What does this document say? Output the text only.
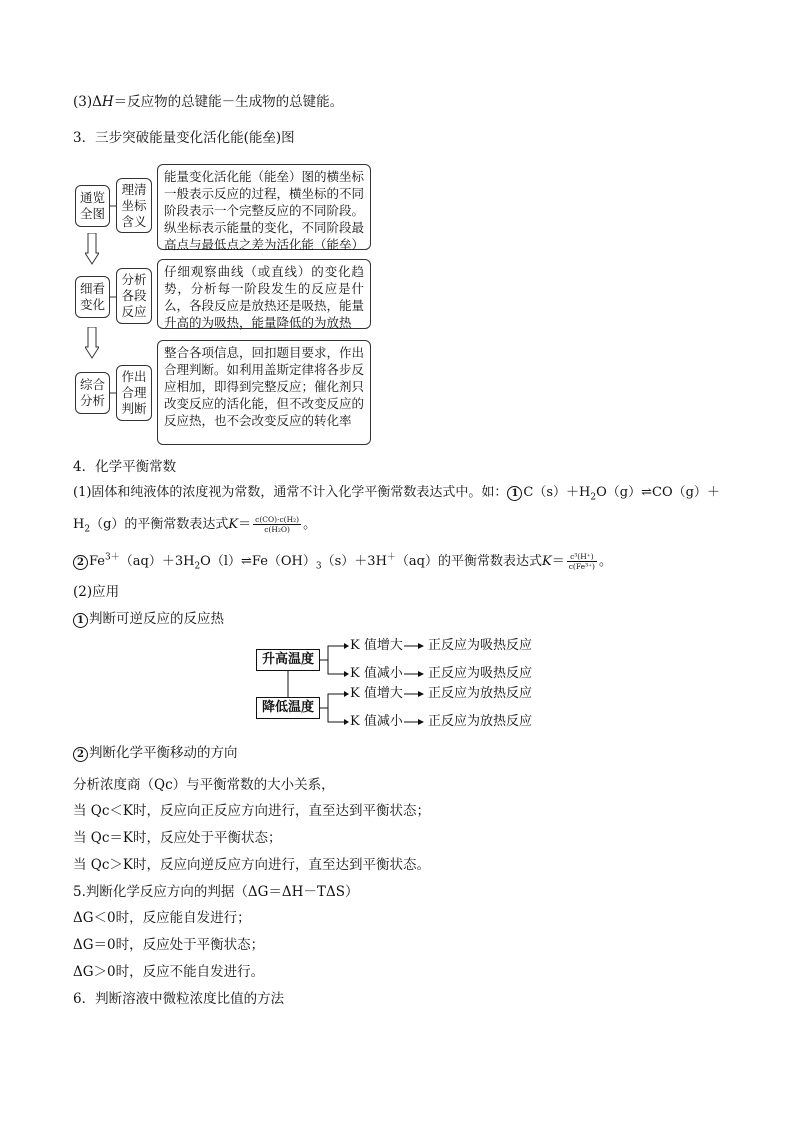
(3)ΔH＝反应物的总键能－生成物的总键能。
3．三步突破能量变化活化能(能垒)图
通览全图
理清坐标含义
能量变化活化能（能垒）图的横坐标一般表示反应的过程，横坐标的不同阶段表示一个完整反应的不同阶段。纵坐标表示能量的变化，不同阶段最高点与最低点之差为活化能（能垒）
细看变化
分析各段反应
仔细观察曲线（或直线）的变化趋势，分析每一阶段发生的反应是什么，各段反应是放热还是吸热，能量升高的为吸热，能量降低的为放热
综合分析
作出合理判断
整合各项信息，回扣题目要求，作出合理判断。如利用盖斯定律将各步反应相加，即得到完整反应；催化剂只改变反应的活化能，但不改变反应的反应热，也不会改变反应的转化率
4．化学平衡常数
(1)固体和纯液体的浓度视为常数，通常不计入化学平衡常数表达式中。如： 1 $C(s)+H_2O(g)\rightleftharpoons CO(g)+$
$H_2(g)$的平衡常数表达式$K= \frac{\text{c(CO)·c(H₂)}}{\text{c(H₂O)}}$ 。
2 $Fe^{3+}(aq)+3H_2O(l)\rightleftharpoons Fe(OH)_3(s)+3H^+(aq)$的平衡常数表达式$K= \frac{\text{c³(H⁺)}}{\text{c(Fe³⁺)}}$ 。
(2)应用
1 判断可逆反应的反应热
升高温度
降低温度
K 值增大
K 值减小
K 值增大
K 值减小
正反应为吸热反应
正反应为吸热反应
正反应为放热反应
正反应为放热反应
2 判断化学平衡移动的方向
分析浓度商（Qc）与平衡常数的大小关系，
当 Qc＜K时，反应向正反应方向进行，直至达到平衡状态；
当 Qc＝K时，反应处于平衡状态；
当 Qc＞K时，反应向逆反应方向进行，直至达到平衡状态。
5.判断化学反应方向的判据（ΔG＝ΔH－TΔS）
ΔG＜0时，反应能自发进行；
ΔG＝0时，反应处于平衡状态；
ΔG＞0时，反应不能自发进行。
6．判断溶液中微粒浓度比值的方法
